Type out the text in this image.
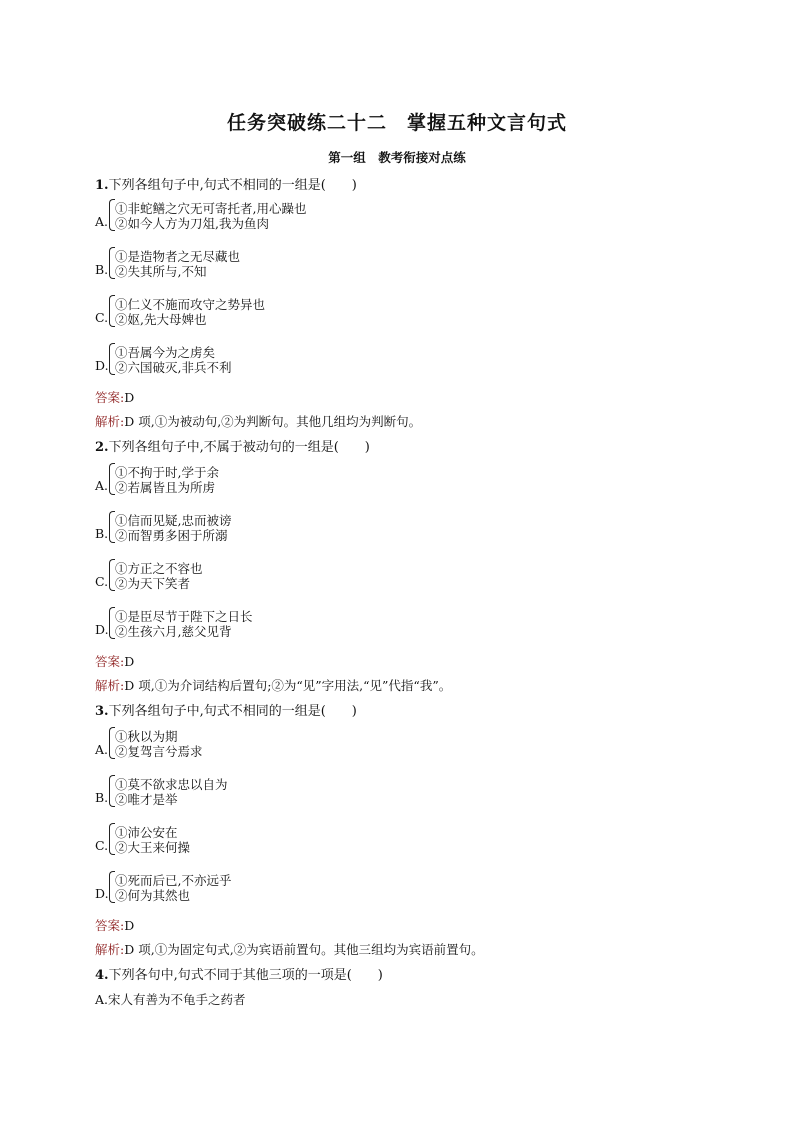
任务突破练二十二　掌握五种文言句式
第一组　教考衔接对点练
1.下列各组句子中,句式不相同的一组是(　　)
A.
①非蛇鳝之穴无可寄托者,用心躁也
②如今人方为刀俎,我为鱼肉
B.
①是造物者之无尽藏也
②失其所与,不知
C.
①仁义不施而攻守之势异也
②妪,先大母婢也
D.
①吾属今为之虏矣
②六国破灭,非兵不利
答案:D
解析:D 项,①为被动句,②为判断句。其他几组均为判断句。
2.下列各组句子中,不属于被动句的一组是(　　)
A.
①不拘于时,学于余
②若属皆且为所虏
B.
①信而见疑,忠而被谤
②而智勇多困于所溺
C.
①方正之不容也
②为天下笑者
D.
①是臣尽节于陛下之日长
②生孩六月,慈父见背
答案:D
解析:D 项,①为介词结构后置句;②为“见”字用法,“见”代指“我”。
3.下列各组句子中,句式不相同的一组是(　　)
A.
①秋以为期
②复驾言兮焉求
B.
①莫不欲求忠以自为
②唯才是举
C.
①沛公安在
②大王来何操
D.
①死而后已,不亦远乎
②何为其然也
答案:D
解析:D 项,①为固定句式,②为宾语前置句。其他三组均为宾语前置句。
4.下列各句中,句式不同于其他三项的一项是(　　)
A.宋人有善为不龟手之药者
